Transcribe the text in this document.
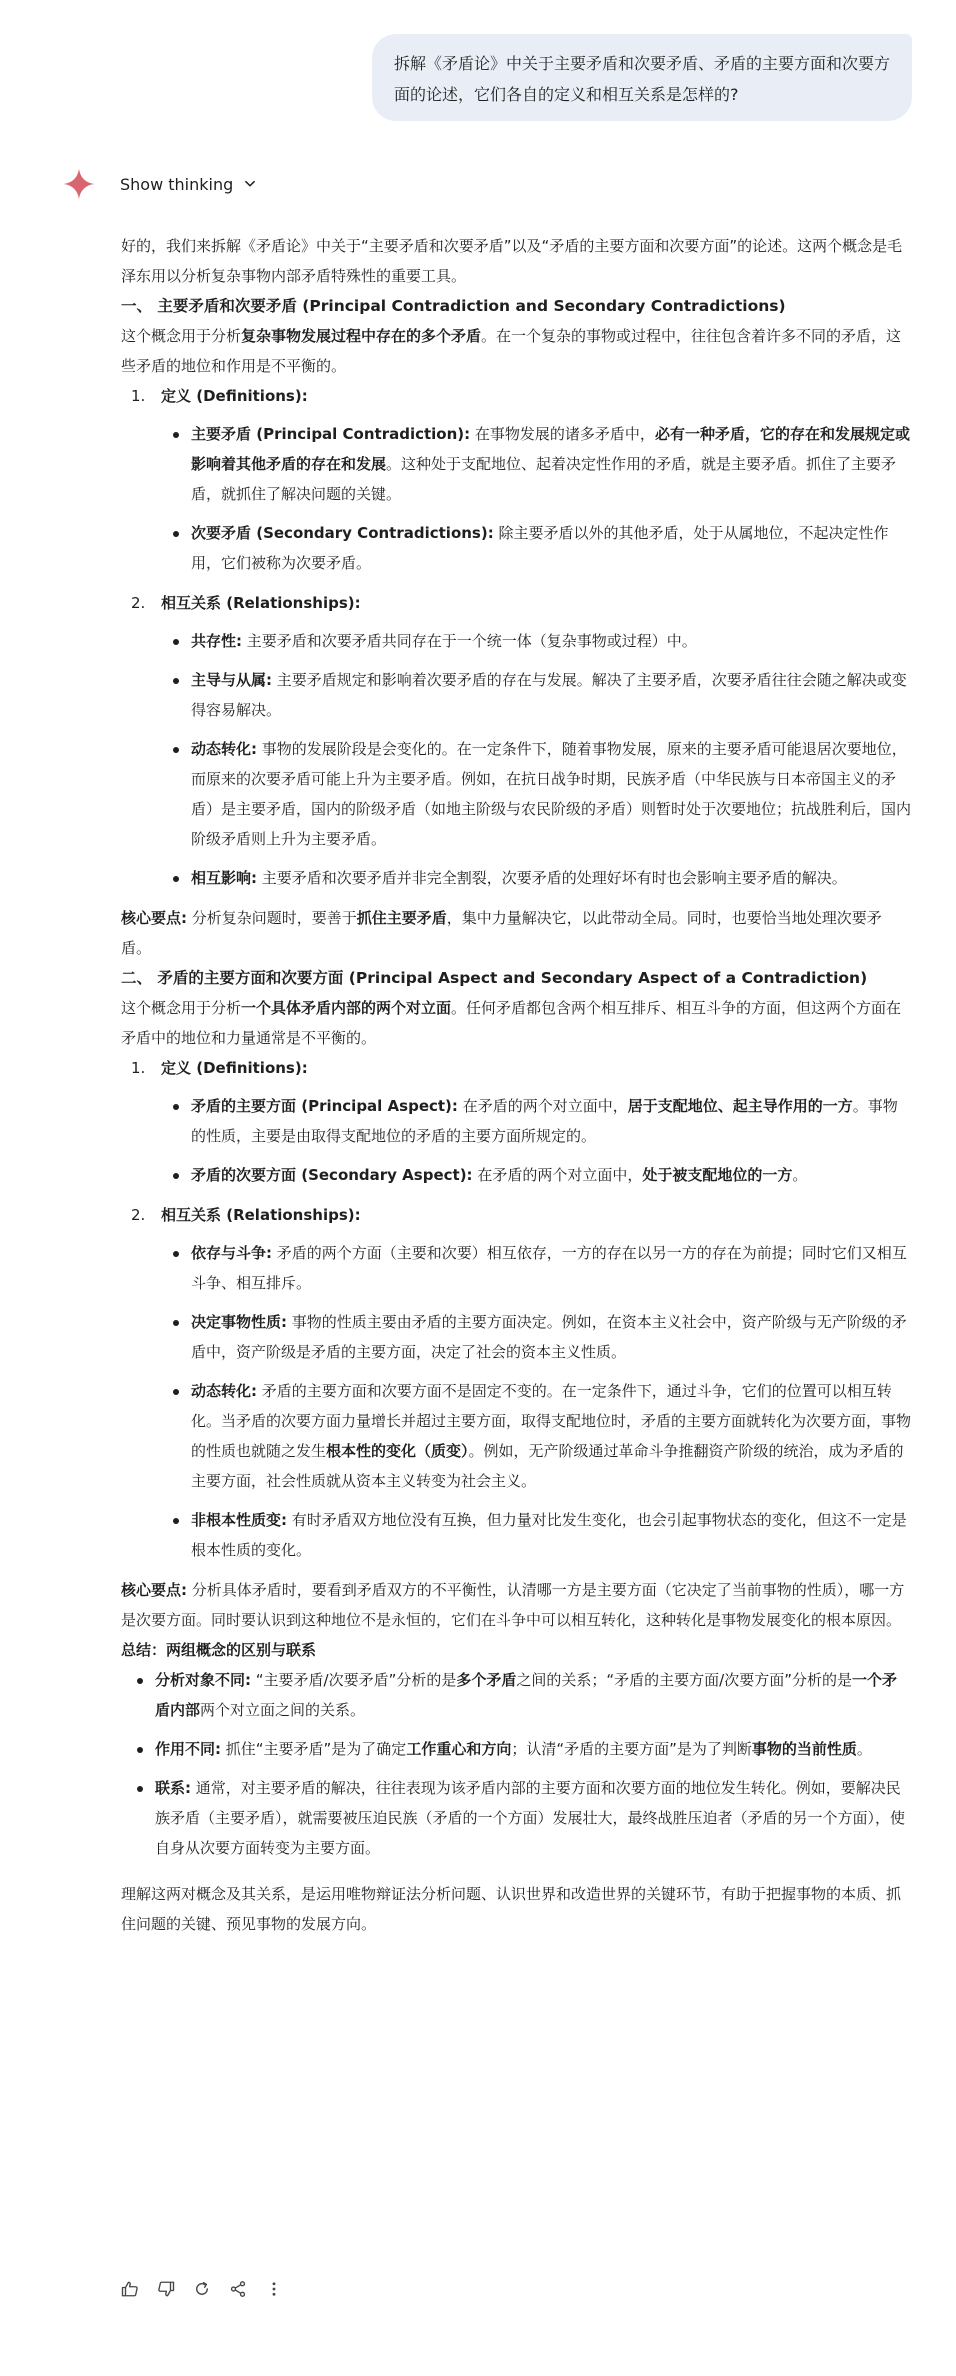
拆解《矛盾论》中关于主要矛盾和次要矛盾、矛盾的主要方面和次要方面的论述，它们各自的定义和相互关系是怎样的?
Show thinking

好的，我们来拆解《矛盾论》中关于“主要矛盾和次要矛盾”以及“矛盾的主要方面和次要方面”的论述。这两个概念是毛泽东用以分析复杂事物内部矛盾特殊性的重要工具。

一、 主要矛盾和次要矛盾 (Principal Contradiction and Secondary Contradictions)

这个概念用于分析复杂事物发展过程中存在的多个矛盾。在一个复杂的事物或过程中，往往包含着许多不同的矛盾，这些矛盾的地位和作用是不平衡的。

1.	定义 (Definitions):
主要矛盾 (Principal Contradiction): 在事物发展的诸多矛盾中，必有一种矛盾，它的存在和发展规定或影响着其他矛盾的存在和发展。这种处于支配地位、起着决定性作用的矛盾，就是主要矛盾。抓住了主要矛盾，就抓住了解决问题的关键。
次要矛盾 (Secondary Contradictions): 除主要矛盾以外的其他矛盾，处于从属地位，不起决定性作用，它们被称为次要矛盾。
2.	相互关系 (Relationships):
共存性: 主要矛盾和次要矛盾共同存在于一个统一体（复杂事物或过程）中。
主导与从属: 主要矛盾规定和影响着次要矛盾的存在与发展。解决了主要矛盾，次要矛盾往往会随之解决或变得容易解决。
动态转化: 事物的发展阶段是会变化的。在一定条件下，随着事物发展，原来的主要矛盾可能退居次要地位，而原来的次要矛盾可能上升为主要矛盾。例如，在抗日战争时期，民族矛盾（中华民族与日本帝国主义的矛盾）是主要矛盾，国内的阶级矛盾（如地主阶级与农民阶级的矛盾）则暂时处于次要地位；抗战胜利后，国内阶级矛盾则上升为主要矛盾。
相互影响: 主要矛盾和次要矛盾并非完全割裂，次要矛盾的处理好坏有时也会影响主要矛盾的解决。

核心要点: 分析复杂问题时，要善于抓住主要矛盾，集中力量解决它，以此带动全局。同时，也要恰当地处理次要矛盾。

二、 矛盾的主要方面和次要方面 (Principal Aspect and Secondary Aspect of a Contradiction)

这个概念用于分析一个具体矛盾内部的两个对立面。任何矛盾都包含两个相互排斥、相互斗争的方面，但这两个方面在矛盾中的地位和力量通常是不平衡的。

1.	定义 (Definitions):
矛盾的主要方面 (Principal Aspect): 在矛盾的两个对立面中，居于支配地位、起主导作用的一方。事物的性质，主要是由取得支配地位的矛盾的主要方面所规定的。
矛盾的次要方面 (Secondary Aspect): 在矛盾的两个对立面中，处于被支配地位的一方。
2.	相互关系 (Relationships):
依存与斗争: 矛盾的两个方面（主要和次要）相互依存，一方的存在以另一方的存在为前提；同时它们又相互斗争、相互排斥。
决定事物性质: 事物的性质主要由矛盾的主要方面决定。例如，在资本主义社会中，资产阶级与无产阶级的矛盾中，资产阶级是矛盾的主要方面，决定了社会的资本主义性质。
动态转化: 矛盾的主要方面和次要方面不是固定不变的。在一定条件下，通过斗争，它们的位置可以相互转化。当矛盾的次要方面力量增长并超过主要方面，取得支配地位时，矛盾的主要方面就转化为次要方面，事物的性质也就随之发生根本性的变化（质变）。例如，无产阶级通过革命斗争推翻资产阶级的统治，成为矛盾的主要方面，社会性质就从资本主义转变为社会主义。
非根本性质变: 有时矛盾双方地位没有互换，但力量对比发生变化，也会引起事物状态的变化，但这不一定是根本性质的变化。

核心要点: 分析具体矛盾时，要看到矛盾双方的不平衡性，认清哪一方是主要方面（它决定了当前事物的性质），哪一方是次要方面。同时要认识到这种地位不是永恒的，它们在斗争中可以相互转化，这种转化是事物发展变化的根本原因。

总结：两组概念的区别与联系

分析对象不同: “主要矛盾/次要矛盾”分析的是多个矛盾之间的关系；“矛盾的主要方面/次要方面”分析的是一个矛盾内部两个对立面之间的关系。
作用不同: 抓住“主要矛盾”是为了确定工作重心和方向；认清“矛盾的主要方面”是为了判断事物的当前性质。
联系: 通常，对主要矛盾的解决，往往表现为该矛盾内部的主要方面和次要方面的地位发生转化。例如，要解决民族矛盾（主要矛盾），就需要被压迫民族（矛盾的一个方面）发展壮大，最终战胜压迫者（矛盾的另一个方面），使自身从次要方面转变为主要方面。

理解这两对概念及其关系，是运用唯物辩证法分析问题、认识世界和改造世界的关键环节，有助于把握事物的本质、抓住问题的关键、预见事物的发展方向。
